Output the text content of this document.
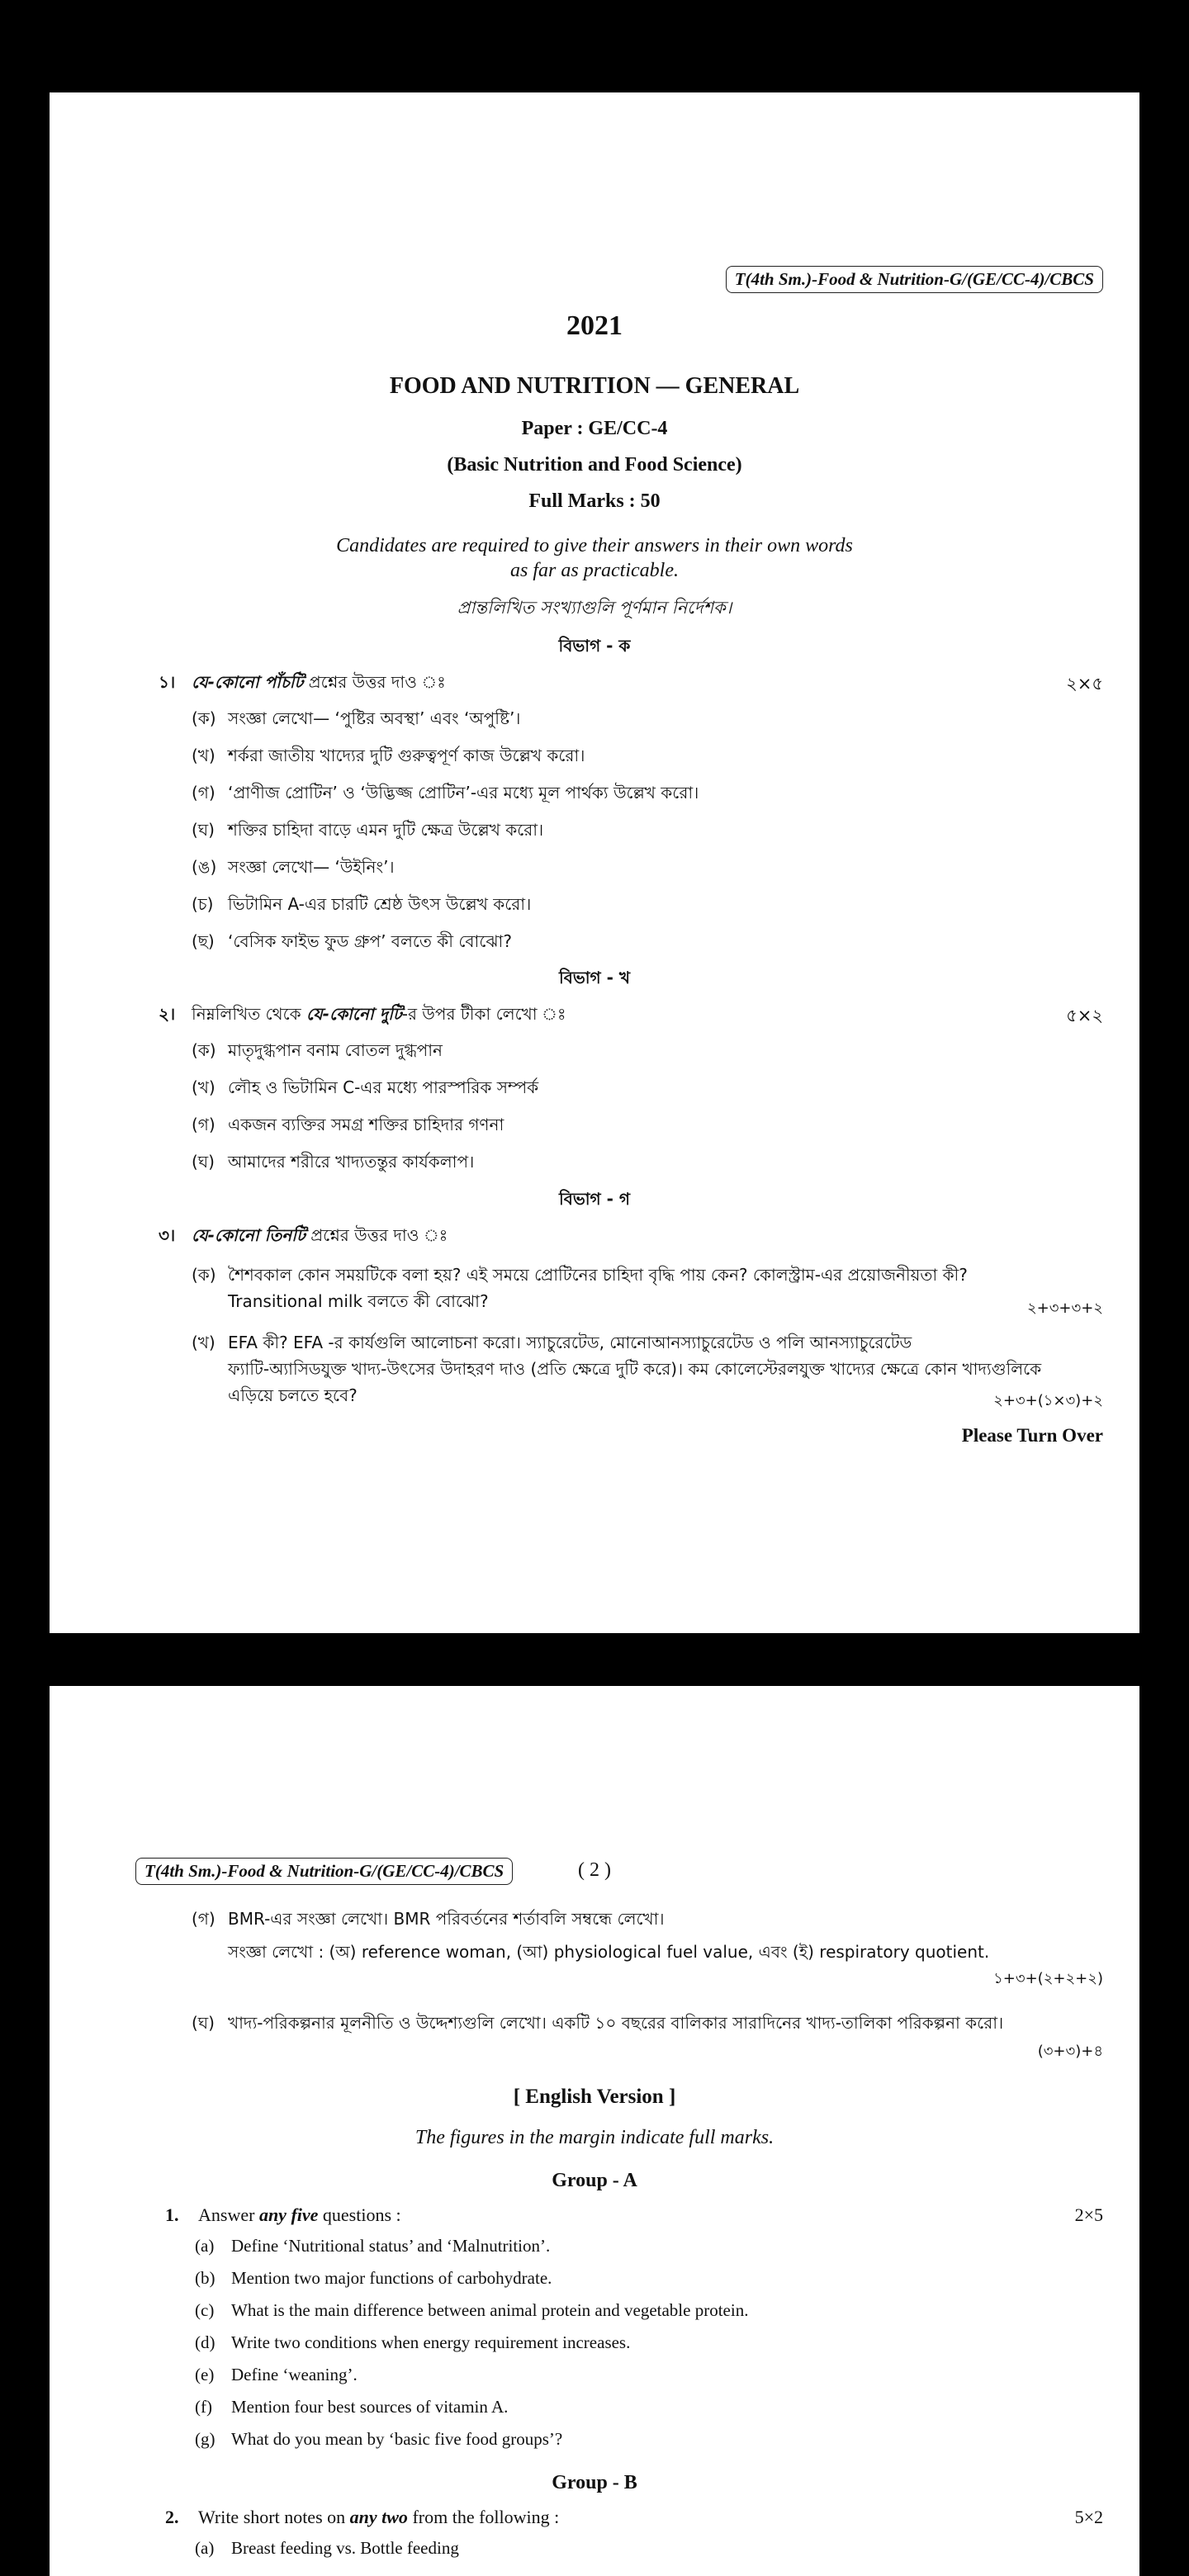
T(4th Sm.)-Food & Nutrition-G/(GE/CC-4)/CBCS
2021
FOOD AND NUTRITION — GENERAL
Paper : GE/CC-4
(Basic Nutrition and Food Science)
Full Marks : 50
Candidates are required to give their answers in their own words
as far as practicable.
প্রান্তলিখিত সংখ্যাগুলি পূর্ণমান নির্দেশক।
বিভাগ - ক
১। যে-কোনো পাঁচটি প্রশ্নের উত্তর দাও ঃ	২×৫
বিভাগ - খ
২। নিম্নলিখিত থেকে যে-কোনো দুটি-র উপর টীকা লেখো ঃ	৫×২
বিভাগ - গ
৩। যে-কোনো তিনটি প্রশ্নের উত্তর দাও ঃ
(ক) শৈশবকাল কোন সময়টিকে বলা হয়? এই সময়ে প্রোটিনের চাহিদা বৃদ্ধি পায় কেন? কোলস্ট্রাম-এর প্রয়োজনীয়তা কী?
Transitional milk বলতে কী বোঝো?	২+৩+৩+২
(খ) EFA কী? EFA -র কার্যগুলি আলোচনা করো। স্যাচুরেটেড, মোনোআনস্যাচুরেটেড ও পলি আনস্যাচুরেটেড
ফ্যাটি-অ্যাসিডযুক্ত খাদ্য-উৎসের উদাহরণ দাও (প্রতি ক্ষেত্রে দুটি করে)। কম কোলেস্টেরলযুক্ত খাদ্যের ক্ষেত্রে কোন খাদ্যগুলিকে
এড়িয়ে চলতে হবে?	২+৩+(১×৩)+২
Please Turn Over
(ক) সংজ্ঞা লেখো— ‘পুষ্টির অবস্থা’ এবং ‘অপুষ্টি’।
(খ) শর্করা জাতীয় খাদ্যের দুটি গুরুত্বপূর্ণ কাজ উল্লেখ করো।
(গ) ‘প্রাণীজ প্রোটিন’ ও ‘উদ্ভিজ্জ প্রোটিন’-এর মধ্যে মূল পার্থক্য উল্লেখ করো।
(ঘ) শক্তির চাহিদা বাড়ে এমন দুটি ক্ষেত্র উল্লেখ করো।
(ঙ) সংজ্ঞা লেখো— ‘উইনিং’।
(চ) ভিটামিন A-এর চারটি শ্রেষ্ঠ উৎস উল্লেখ করো।
(ছ) ‘বেসিক ফাইভ ফুড গ্রুপ’ বলতে কী বোঝো?
(ক) মাতৃদুগ্ধপান বনাম বোতল দুগ্ধপান
(খ) লৌহ ও ভিটামিন C-এর মধ্যে পারস্পরিক সম্পর্ক
(গ) একজন ব্যক্তির সমগ্র শক্তির চাহিদার গণনা
(ঘ) আমাদের শরীরে খাদ্যতন্তুর কার্যকলাপ।
T(4th Sm.)-Food & Nutrition-G/(GE/CC-4)/CBCS	( 2 )
(গ) BMR-এর সংজ্ঞা লেখো। BMR পরিবর্তনের শর্তাবলি সম্বন্ধে লেখো।
সংজ্ঞা লেখো : (অ) reference woman, (আ) physiological fuel value, এবং (ই) respiratory quotient.
১+৩+(২+২+২)
(ঘ) খাদ্য-পরিকল্পনার মূলনীতি ও উদ্দেশ্যগুলি লেখো। একটি ১০ বছরের বালিকার সারাদিনের খাদ্য-তালিকা পরিকল্পনা করো।
(৩+৩)+৪
[ English Version ]
The figures in the margin indicate full marks.
Group - A
1. Answer any five questions :	2×5
Group - B
2. Write short notes on any two from the following :	5×2
(a) Define ‘Nutritional status’ and ‘Malnutrition’.
(b) Mention two major functions of carbohydrate.
(c) What is the main difference between animal protein and vegetable protein.
(d) Write two conditions when energy requirement increases.
(e) Define ‘weaning’.
(f) Mention four best sources of vitamin A.
(g) What do you mean by ‘basic five food groups’?
(a) Breast feeding vs. Bottle feeding
